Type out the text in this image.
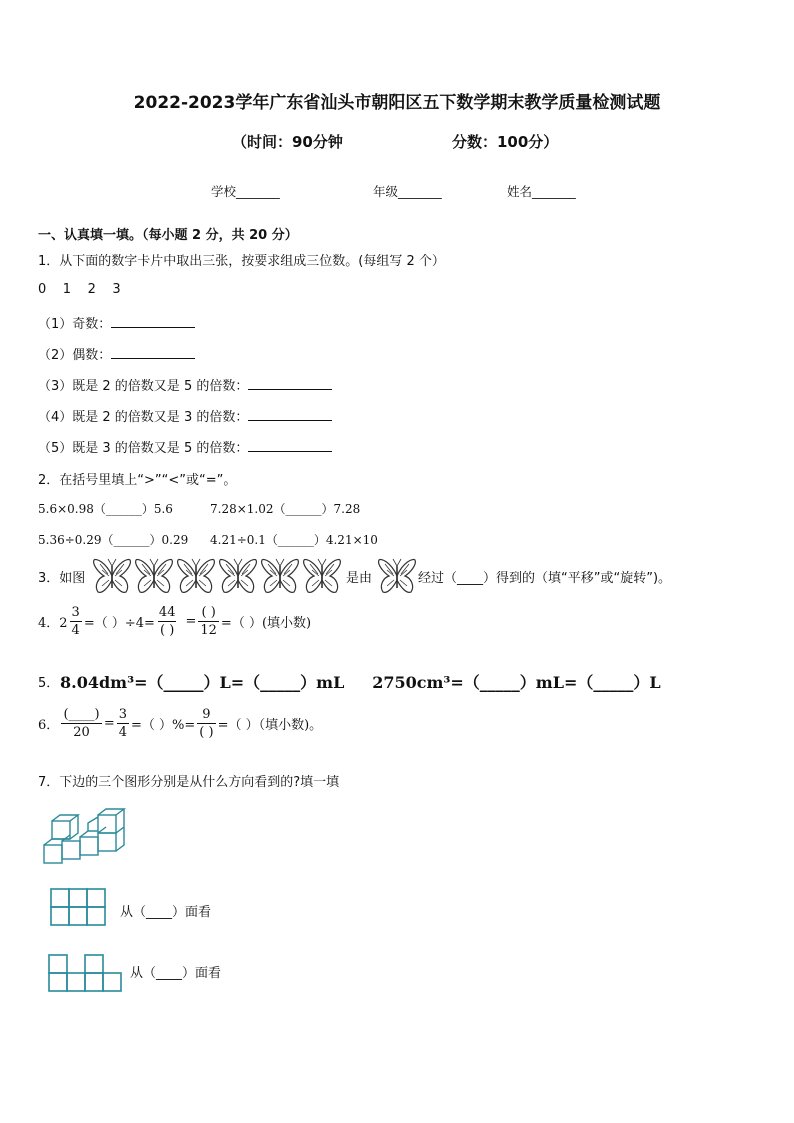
2022-2023学年广东省汕头市朝阳区五下数学期末教学质量检测试题
（时间：90分钟	分数：100分）
学校_______	年级_______	姓名_______
一、认真填一填。（每小题 2 分，共 20 分）
1．从下面的数字卡片中取出三张，按要求组成三位数。(每组写 2 个）
0    1    2    3
（1）奇数：
（2）偶数：
（3）既是 2 的倍数又是 5 的倍数：
（4）既是 2 的倍数又是 3 的倍数：
（5）既是 3 的倍数又是 5 的倍数：
2．在括号里填上“>”“<”或“=”。
5.6×0.98（______）5.6	7.28×1.02（______）7.28
5.36÷0.29（______）0.29 4.21÷0.1（______）4.21×10
3．如图	是由	经过（____）得到的（填“平移”或“旋转”)。
4．$2 \frac{3}{4}$ =（ ）$\div 4= \frac{44}{( )} = \frac{( )}{12}$ =（ ）(填小数)
5． 8.04dm³=（_____）L=（_____）mL     2750cm³=（_____）mL=（_____）L
6． $\frac{(\_\_\_\_)}{20} = \frac{3}{4}$ =（ ）%= $\frac{9}{( )}$ =（ ）（填小数)。
7．下边的三个图形分别是从什么方向看到的?填一填
从（____）面看
从（____）面看
